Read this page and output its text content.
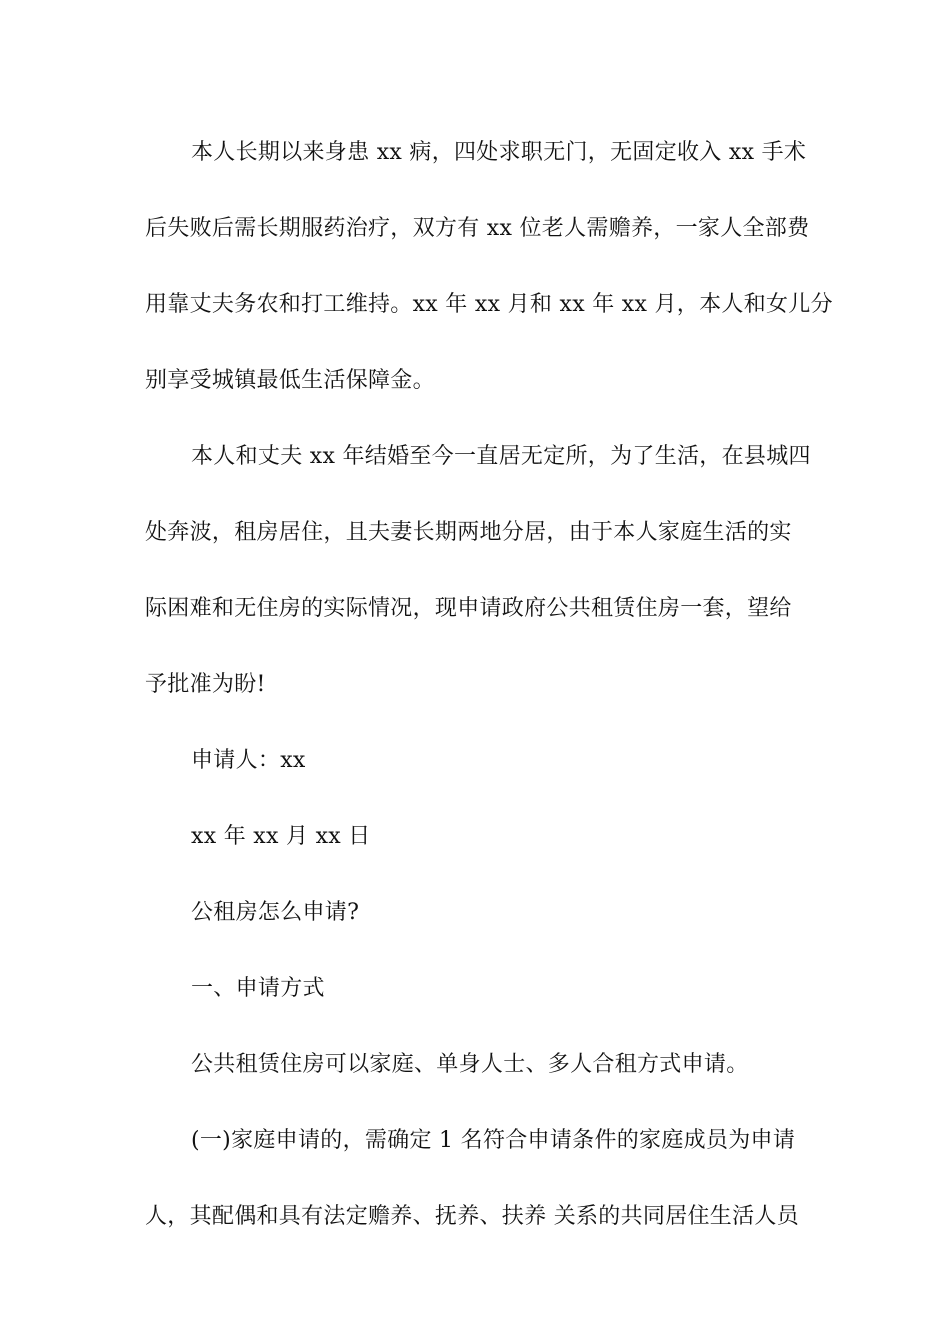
本人长期以来身患 xx 病，四处求职无门，无固定收入 xx 手术
后失败后需长期服药治疗，双方有 xx 位老人需赡养，一家人全部费
用靠丈夫务农和打工维持。xx 年 xx 月和 xx 年 xx 月，本人和女儿分
别享受城镇最低生活保障金。
本人和丈夫 xx 年结婚至今一直居无定所，为了生活，在县城四
处奔波，租房居住，且夫妻长期两地分居，由于本人家庭生活的实
际困难和无住房的实际情况，现申请政府公共租赁住房一套，望给
予批准为盼!
申请人：xx
xx 年 xx 月 xx 日
公租房怎么申请?
一、申请方式
公共租赁住房可以家庭、单身人士、多人合租方式申请。
(一)家庭申请的，需确定 1 名符合申请条件的家庭成员为申请
人，其配偶和具有法定赡养、抚养、扶养 关系的共同居住生活人员
